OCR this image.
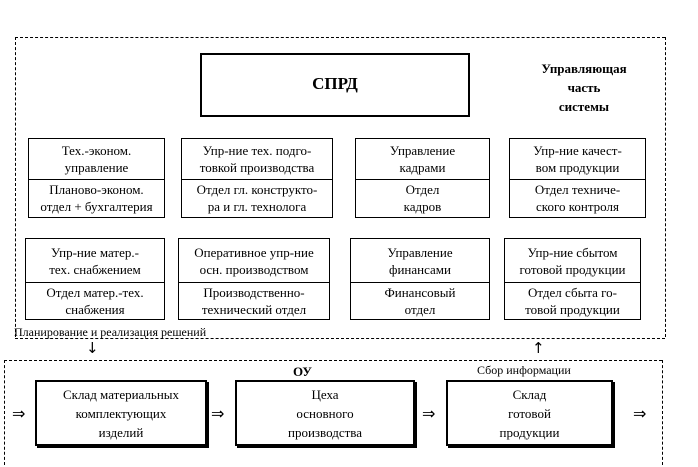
СПРД
Управляющая
часть
системы
Тех.-эконом.
управление
Планово-эконом.
отдел + бухгалтерия
Упр-ние тех. подго-
товкой производства
Отдел гл. конструкто-
ра и гл. технолога
Управление
кадрами
Отдел
кадров
Упр-ние качест-
вом продукции
Отдел техниче-
ского контроля
Упр-ние матер.-
тех. снабжением
Отдел матер.-тех.
снабжения
Оперативное упр-ние
осн. производством
Производственно-
технический отдел
Управление
финансами
Финансовый
отдел
Упр-ние сбытом
готовой продукции
Отдел сбыта го-
товой продукции
Планирование и реализация решений
↓	↑
Сбор информации
ОУ
⇒
Склад материальных
комплектующих
изделий
⇒
Цеха
основного
производства
⇒
Склад
готовой
продукции
⇒
